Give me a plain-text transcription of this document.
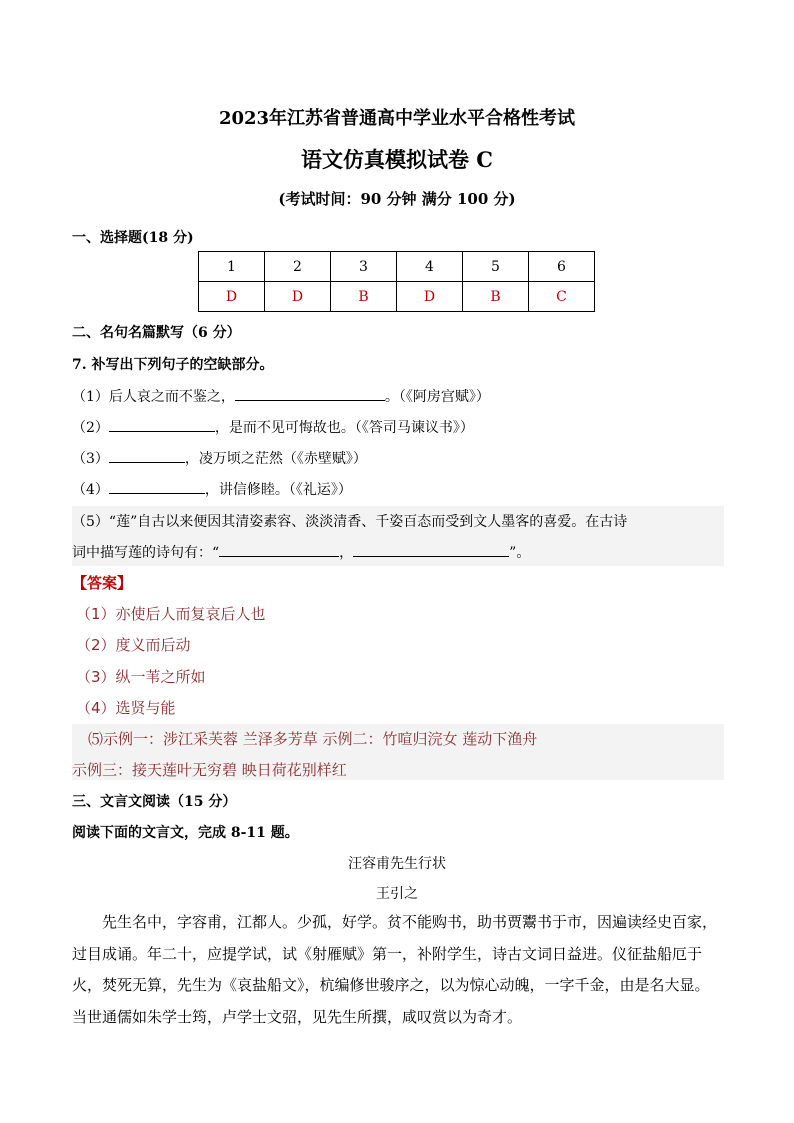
2023年江苏省普通高中学业水平合格性考试
语文仿真模拟试卷 C
(考试时间：90 分钟 满分 100 分)
一、选择题(18 分)
1	2	3	4	5	6
D	D	B	D	B	C
二、名句名篇默写（6 分）
7. 补写出下列句子的空缺部分。
（1）后人哀之而不鉴之，	。（《阿房宫赋》）
（2）	，是而不见可悔故也。（《答司马谏议书》）
（3）	，凌万顷之茫然（《赤壁赋》）
（4）	，讲信修睦。（《礼运》）
（5）“莲”自古以来便因其清姿素容、淡淡清香、千姿百态而受到文人墨客的喜爱。在古诗
词中描写莲的诗句有：“	，	”。
【答案】
（1）亦使后人而复哀后人也
（2）度义而后动
（3）纵一苇之所如
（4）选贤与能
⑸示例一：涉江采芙蓉 兰泽多芳草 示例二：竹喧归浣女 莲动下渔舟
示例三：接天莲叶无穷碧 映日荷花别样红
三、文言文阅读（15 分）
阅读下面的文言文，完成 8-11 题。
汪容甫先生行状
王引之
先生名中，字容甫，江都人。少孤，好学。贫不能购书，助书贾鬻书于市，因遍读经史百家，过目成诵。年二十，应提学试，试《射雁赋》第一，补附学生，诗古文词日益进。仪征盐船厄于火，焚死无算，先生为《哀盐船文》，杭编修世骏序之，以为惊心动魄，一字千金，由是名大显。当世通儒如朱学士筠，卢学士文弨，见先生所撰，咸叹赏以为奇才。
